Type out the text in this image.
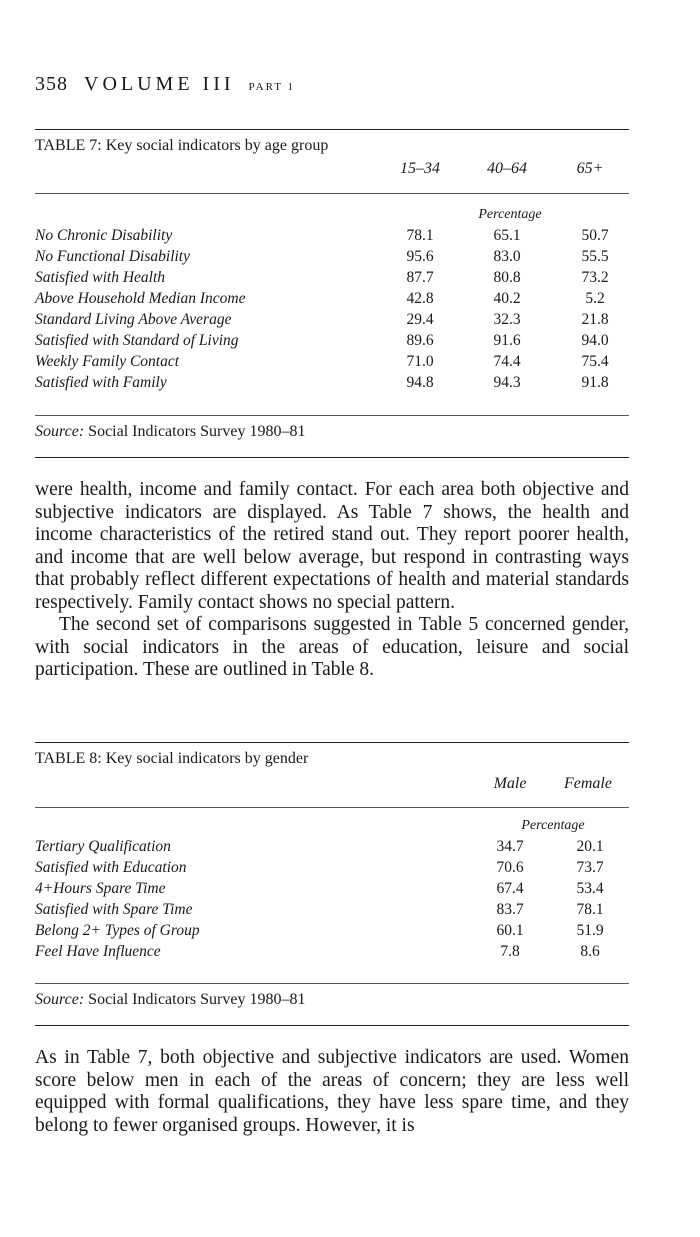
358 VOLUME III PART 1
TABLE 7: Key social indicators by age group
15–34	40–64	65+
Percentage
No Chronic Disability	78.1	65.1	50.7
No Functional Disability	95.6	83.0	55.5
Satisfied with Health	87.7	80.8	73.2
Above Household Median Income	42.8	40.2	5.2
Standard Living Above Average	29.4	32.3	21.8
Satisfied with Standard of Living	89.6	91.6	94.0
Weekly Family Contact	71.0	74.4	75.4
Satisfied with Family	94.8	94.3	91.8
Source: Social Indicators Survey 1980–81

were health, income and family contact. For each area both objective and subjective indicators are displayed. As Table 7 shows, the health and income characteristics of the retired stand out. They report poorer health, and income that are well below average, but respond in contrasting ways that probably reflect different expectations of health and material standards respectively. Family contact shows no special pattern.

The second set of comparisons suggested in Table 5 concerned gender, with social indicators in the areas of education, leisure and social participation. These are outlined in Table 8.

TABLE 8: Key social indicators by gender
Male	Female
Percentage
Tertiary Qualification	34.7	20.1
Satisfied with Education	70.6	73.7
4+Hours Spare Time	67.4	53.4
Satisfied with Spare Time	83.7	78.1
Belong 2+ Types of Group	60.1	51.9
Feel Have Influence	7.8	8.6
Source: Social Indicators Survey 1980–81

As in Table 7, both objective and subjective indicators are used. Women score below men in each of the areas of concern; they are less well equipped with formal qualifications, they have less spare time, and they belong to fewer organised groups. However, it is
